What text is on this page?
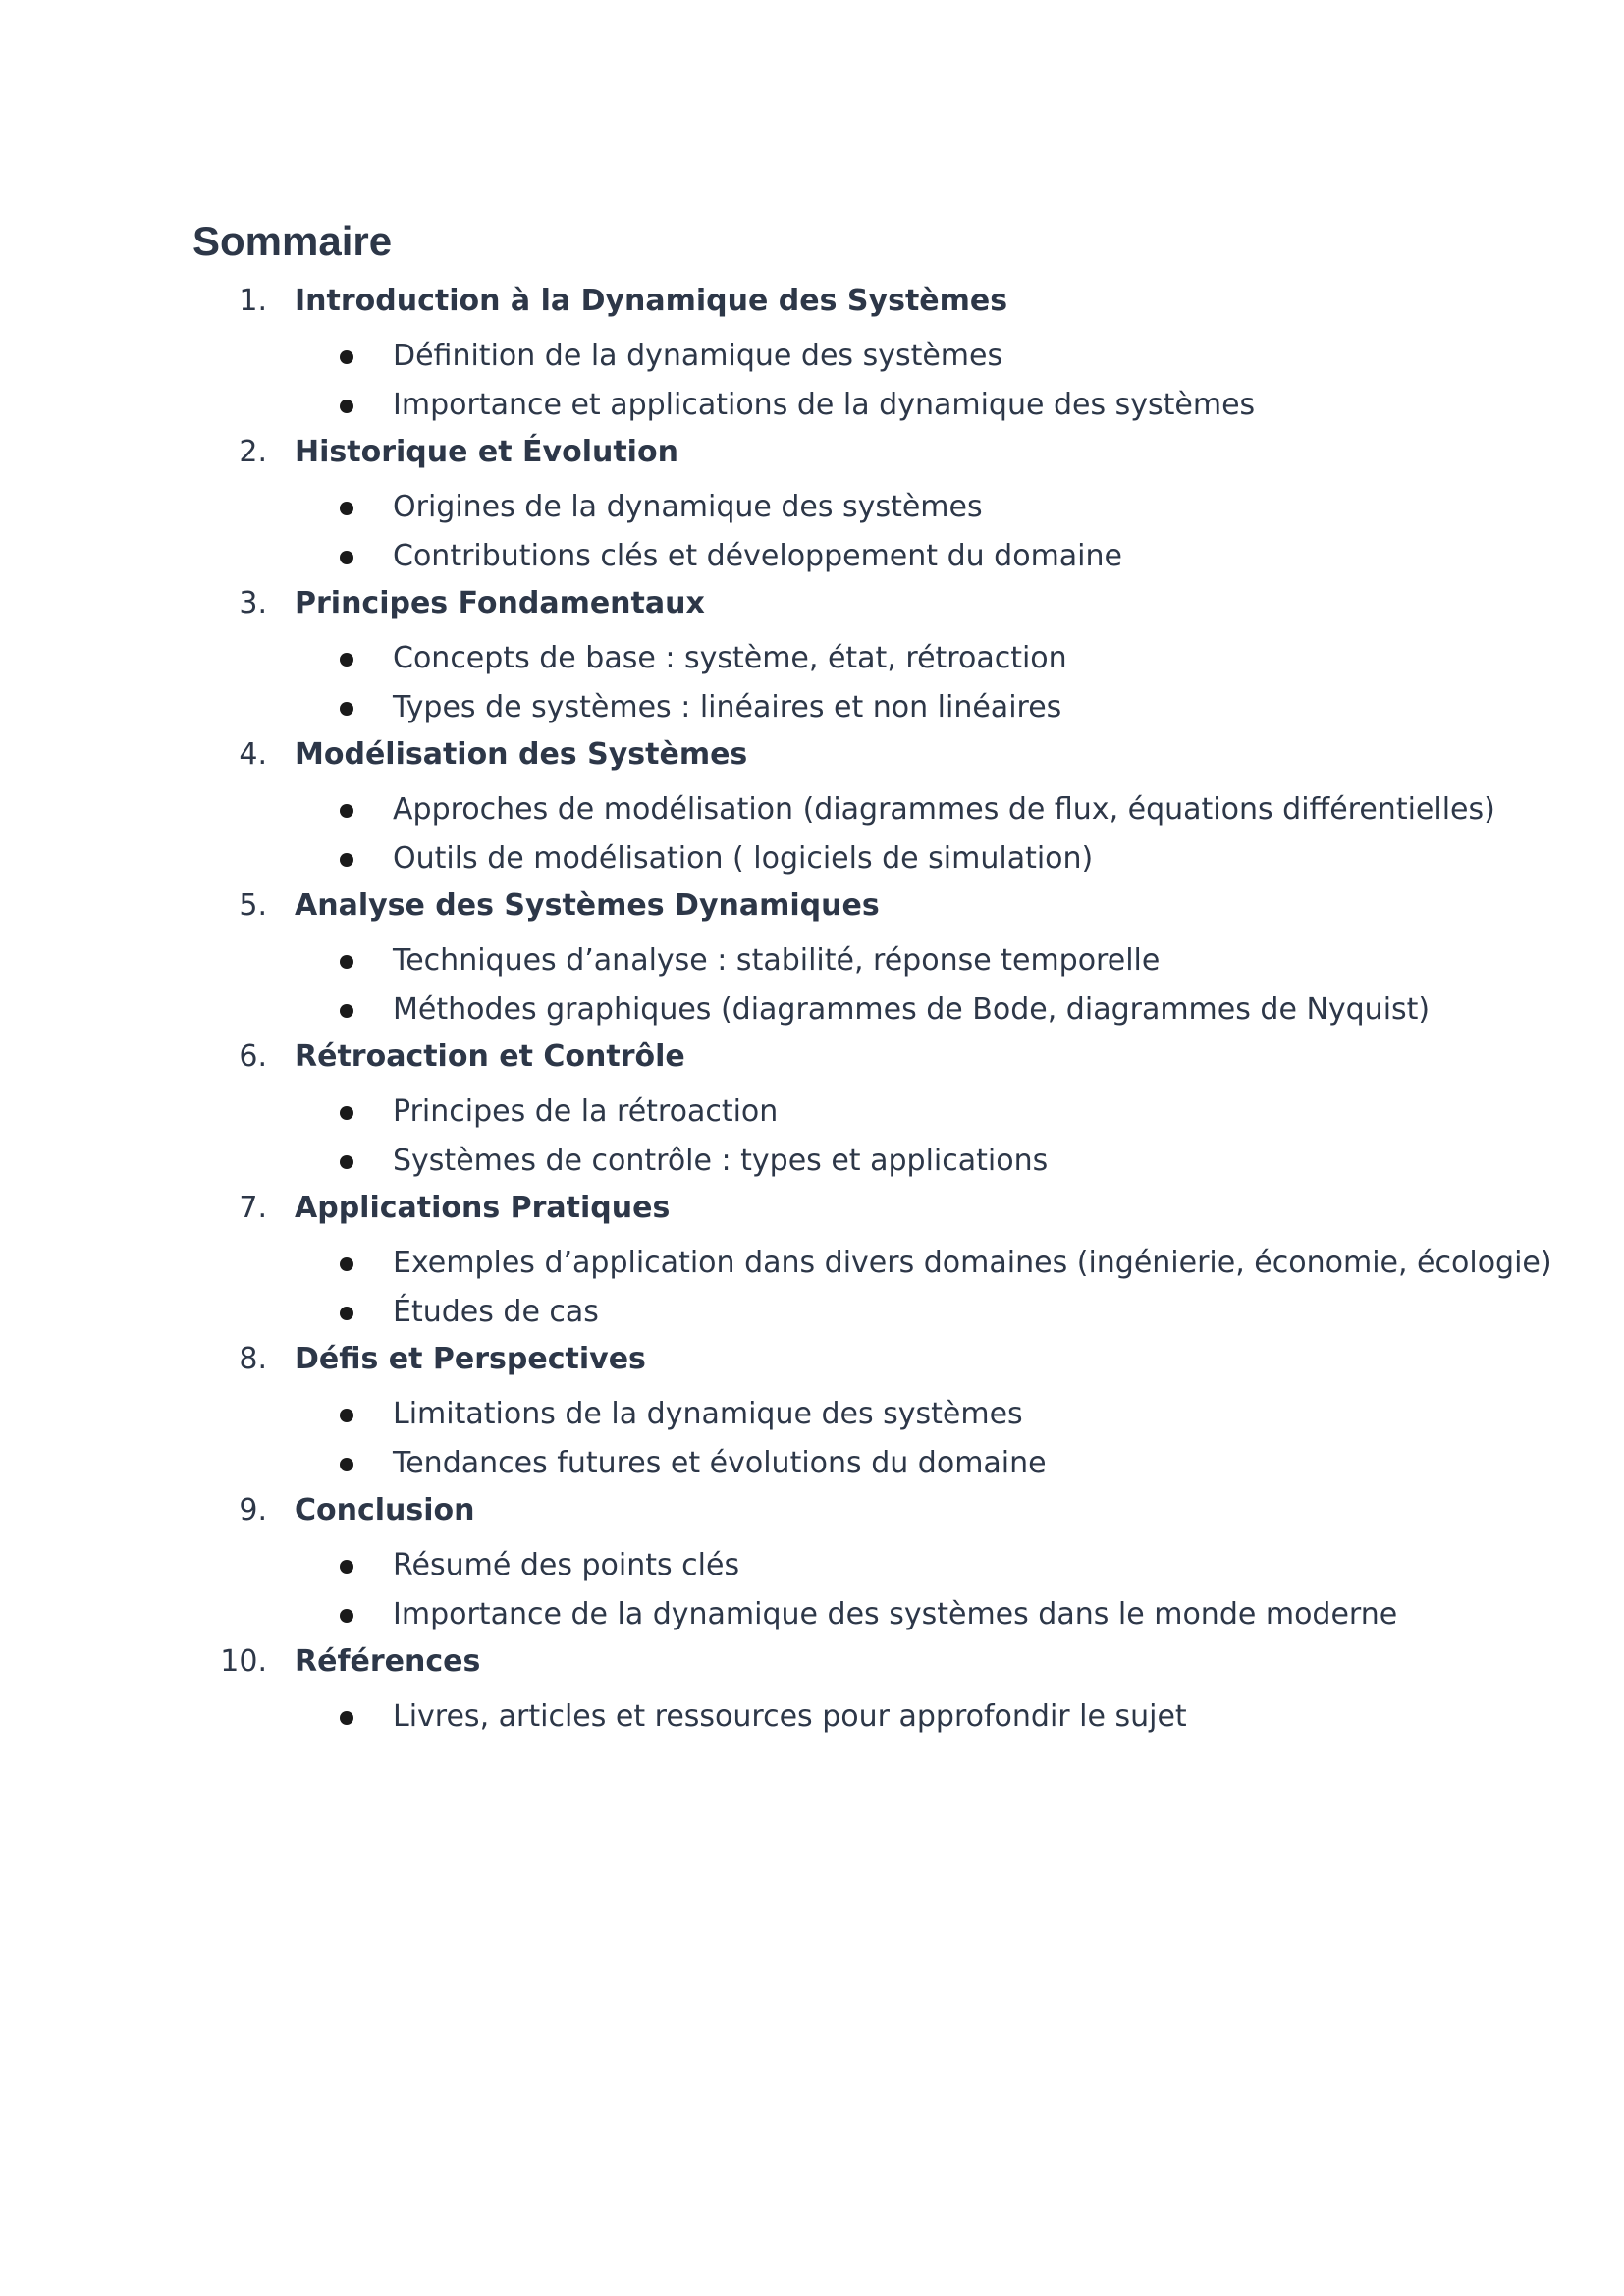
Sommaire
1. Introduction à la Dynamique des Systèmes
Définition de la dynamique des systèmes
Importance et applications de la dynamique des systèmes
2. Historique et Évolution
Origines de la dynamique des systèmes
Contributions clés et développement du domaine
3. Principes Fondamentaux
Concepts de base : système, état, rétroaction
Types de systèmes : linéaires et non linéaires
4. Modélisation des Systèmes
Approches de modélisation (diagrammes de flux, équations différentielles)
Outils de modélisation ( logiciels de simulation)
5. Analyse des Systèmes Dynamiques
Techniques d’analyse : stabilité, réponse temporelle
Méthodes graphiques (diagrammes de Bode, diagrammes de Nyquist)
6. Rétroaction et Contrôle
Principes de la rétroaction
Systèmes de contrôle : types et applications
7. Applications Pratiques
Exemples d’application dans divers domaines (ingénierie, économie, écologie)
Études de cas
8. Défis et Perspectives
Limitations de la dynamique des systèmes
Tendances futures et évolutions du domaine
9. Conclusion
Résumé des points clés
Importance de la dynamique des systèmes dans le monde moderne
10. Références
Livres, articles et ressources pour approfondir le sujet
